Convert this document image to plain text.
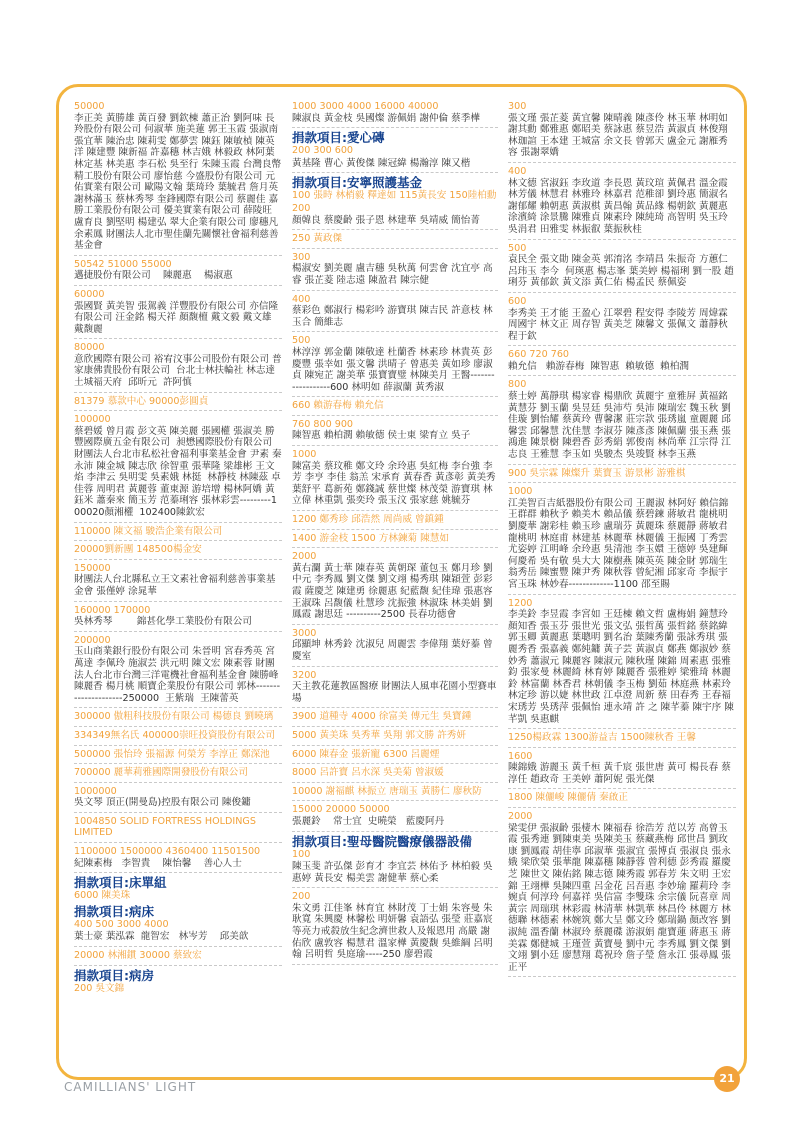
50000
李正美 黃勝雄 黃百發 劉欽棟 蕭正治 劉阿味 長羚股份有限公司 何淑華 施美蓮 郭王玉霞 張淑南 張宜華 陳治忠 陳莉雯 鄭夢雲 陳鈺 陳敏楨 陳英洋 陳建豐 陳新福 許嘉穗 林吉娥 林毅政 林阿葉 林定基 林美惠 李石松 吳至行 朱陳玉霞 台灣良幣精工股份有限公司 廖怡慈 今盛股份有限公司 元佑實業有限公司 歐陽文翰 葉琦玲 葉毓君 詹月英 謝林滿玉 蔡林秀琴 奎鋒國際有限公司 蔡麗佳 嘉勝工業股份有限公司 優美實業有限公司 薛陵旺 盧育良 劉堅明 楊建弘 翠大企業有限公司 廖穗凡 余素鳳 財團法人北市聖佳蘭先關懷社會福利慈善基金會
50542 51000 55000
邁捷股份有限公司    陳麗惠    楊淑惠
60000
張國賢 黃美智 張駕義 洋豐股份有限公司 亦信隆有限公司 汪金銘 楊天祥 顏馥檀 戴文毅 戴文雄 戴馥麗
80000
意欣國際有限公司 裕宥汶事公司股份有限公司 普家康佛貴股份有限公司  台北士林扶輪社 林志達  土城福天府  邱昕元  許阿慎
81379 慕款中心 90000彭圓貞
100000
蔡碧媛 曾月霞 彭文英 陳美麗 張國權 張淑美 勝豐國際廣五金有限公司  昶懋國際股份有限公司 財團法人台北市私松社會福利事業基金會 尹素 秦永沛 陳金城 陳志欣 徐智重 張華隆 梁雄彬 王文焰 李津云 吳明雯 吳素娥 林挺  林靜枝 林陳茲 卓佳蓉 周明君 黃麗蓉 董東源 游培增 楊林阿嬌 黃鈺米 蕭秦來 簡玉芳 范蓁琍容 張林彩雲---------100020顏湘權  102400陳欽宏
110000 陳文福 駿浩企業有限公司
20000劉新團 148500楊金安
150000
財團法人台北縣私立王文素社會福利慈善事業基金會 張僅婷 涂晁華
160000 170000
吳林秀琴        錦甚化學工業股份有限公司
200000
玉山商業銀行股份有限公司 朱晉明 宮春秀英 宮萬達 李佩玲 施淑芸 洪元明 陳文宏 陳素蓉 財團法人台北市台灣三洋電機社會福利基金會 陳勝峰 陳麗香 楊月桃 順寶企業股份有限公司 郭林---------------------250000  王紫瑞  王陳蕾英
300000 傲粗科技股份有限公司 楊德良 劉曉璃
334349無名氏 400000崇旺投資股份有限公司
500000 張怡玲 張福源 何榮芳 李淳正 鄭深池
700000 麗華莉雅國際開發股份有限公司
1000000
吳文琴 頂正(開曼島)控股有限公司 陳俊鏞
1004850 SOLID FORTRESS HOLDINGS LIMITED
1100000 1500000 4360400 11501500
紀陳素梅   李智貴    陳怡馨    善心人士
捐款項目:床單組
6000 陳美珠
捐款項目:病床
400 500 3000 4000
葉士豪 葉泓霖  龍智宏   林岑芳    邱美歆
20000 林湘鏆 30000 蔡致宏
捐款項目:病房
200 吳文錦
1000 3000 4000 16000 40000
陳淑良 黃金枝 吳國燦 游佩娟 謝仲倫 蔡季樺
捐款項目:愛心磚
200 300 600
黃基隆 曹心 黃俊傑 陳冠緯 楊瀚淳 陳又楷
捐款項目:安寧照護基金
100 張時 林梢毅 釋達如 115黃長安 150陸柏勳
200
顏韓良 蔡慶齡 張子恩 林建華 吳靖威 簡怡菁
250 黃政傑
300
楊淑安 劉美麗 盧吉穗 吳秋萬 何雲會 沈宜亭 高睿 張芷菱 陸志遠 陳盈君 陳宗健
400
蔡彩色 鄭淑行 楊彩吟 游寶琪 陳吉民 許意枝 林玉合 簡維志
500
林淳淳 郭金蘭 陳敬達 杜蘭香 林素珍 林貴英 彭慶豐 張幸如 張文馨 洪晴子 曾惠美 黃如珍 廖淑貞 陳宛芷 謝美華 張寶寶璧 林陳美月 王醫------------------600 林明如 薛淑蘭 黃秀淑
660 賴游春梅 賴允信
760 800 900
陳智惠 賴柏潤 賴敏德 侯士東 梁育立 吳子
1000
陳富美 蔡玟稚 鄭文玲 余玲惠 吳紅梅 李台強 李芳 李亨 李佳 翁羔 宋承育 黃春香 黃彥彰 黃美秀 葉舒平 葛新苑 鄭錢誠 蔡世燦 林茂榮 游寶琪 林立偉 林重凱 張奕玲 張玉汶 張家慈 姚毓芬
1200 鄭秀珍 邱浩然 周尚威 曾鎮鍾
1400 游金枝 1500 方林鍊菊 陳慧如
2000
黃右瀾 黃士華 陳春英 黃朝琛 董包玉 鄭月珍 劉中元 李秀鳳 劉文傑 劉文翊 楊秀琪 陳穎萱 彭彩霞 薩慶芝 陳建勇 徐麗惠 紀藍馥 紀佳瑋 張惠容 王淑珠 呂馥儀 杜慧珍 沈振強 林淑珠 林美娟 劉鳳霞 謝思廷 ----------2500 長春功德會
3000
邱顯坤 林秀鈴 沈淑兒 周麗雲 李偉翔 葉妤蓁 曾慶室
3200
天主教花蓮教區醫療 財團法人風車花園小型賽車場
3900 道種寺 4000 徐富美 傅元生 吳寶鍾
5000 黃美珠 吳秀華 吳翔 郭文勝 許秀妍
6000 陳春金 張新寵 6300 呂麗煙
8000 呂許寶 呂水深 吳美菊 曾淑媛
10000 謝福麒 林振立 唐瑞玉 黃勝仁 廖秋防
15000 20000 50000
張麗鈴    常士宜  史曉榮   藍慶阿丹
捐款項目:聖母醫院醫療儀器設備
100
陳玉斐 許弘傑 彭育才 李宜芸 林佑予 林柏毅 吳惠婷 黃長安 楊美雲 謝健華 蔡心柔
200
朱文勇 江佳峯 林育宜 林財茂 丁士娟 朱容曼 朱耿寬 朱興慶 林馨松 明妍馨 袁語弘 張瑩 莊嘉宸等亮力戒殺放生紀念濟世救人及報恩用 高嚴 謝佑欣 盧敦容 楊慧君 溫家樺 黃慶馥 吳維綱 呂明翰 呂明哲 吳庭瑜-----250 廖碧霞
300
張文瑾 張芷菱 黃宜馨 陳晴義 陳彥伶 林玉華 林明如 謝其勳 鄭雅惠 鄭昭美 蔡詠惠 蔡昱浩 黃淑貞 林俊翔 林珈諠 王本建 王城富 余文長 曾郭天 盧金元 謝雁秀容 張謝翠嬌
400
林文德 宮淑鈺 李玫道 李長恩 黃玟瑄 黃佩君 溫金霞 林芳儀 林慧君 林雅玲 林嘉君 范稚卻 劉玲惠 簡淑名 謝郁耀 賴朝惠 黃淑棋 黃昌翰 黃品緣 楊朝欽 黃麗惠 涂濱綺 涂景騰 陳雅貞 陳素玲 陳純琦 高智明 吳玉玲 吳涓君 田雅雯 林振叡 葉振秋桂
500
袁民全 張文勛 陳金英 郭淯洺 李靖昌 朱振奇 方蕙仁 呂玮玉 李今  何瑛惠 楊志峯 葉美婷 楊福琍 劉一股 趙琍芬 黃郁欽 黃文添 黃仁佑 楊孟民 蔡佩姿
600
李秀美 王才能 王盈心 江翠碧 程安得 李陵芳 周煒霖 周國宇 林文正 周存智 黃美芝 陳馨文 張佩文 蕭靜秋 程于欽
660 720 760
賴允信   賴游春梅  陳智惠  賴敏德  賴柏潤
800
蔡士婷 萬靜琪 楊家睿 楊鼎欣 黃麗宇 童雅屏 黃福銘 黃慧芬 劉玉蘭 吳昱廷 吳沛芍 吳沛 陳瑞宏 魏玉秋 劉佳璇 劉怡耀 蔡黃玲 曹馨潔 莊宗款 張琇嵐 童麗麗 邱馨雲 邱馨慧 沈佳慧 李淑芬 陳彥彥 陳佩蘭 張玉燕 張鴻進 陳景樹 陳碧香 彭秀絹 郭俊南 林尚華 江宗得 江志良 王雅慧 李玉如 吳駿杰 吳竣賢 林李玉燕
900 吳宗霖 陳燦升 葉寶玉 游景彬 游雅棋
1000
江美智百吉紙器股份有限公司 王麗淑 林阿好 賴信錦 王群群 賴秋予 賴美木 賴品儀 蔡碧鍊 蔣敏君 龍桃明 劉慶華 謝彩桂 賴玉珍 盧瑞芬 黃麗珠 蔡麗靜 蔣敏君 龍桃明 林庭甫 林建基 林麗華 林麗儀 王振國 丁秀雲 尤姿婷 江明峰 余玲惠 吳清池 李玉嬛 王德婷 吳建輝 何慶希 吳有敬 吳大大 陳樹燕 陳英英 陳金財 郭瑞生 翁秀岳 陳蜜豐 陳尹秀 陳秋蓉 曾紀湘 邱家奇 李振宇 宮玉珠 林妙春-------------1100 邵至賜
1200
李美鈴 李昱霞 李宮如 王廷棟 賴文哲 盧梅娟 鐘慧玲 顏知香 張玉芬 張世光 張文弘 張哲萬 張哲銘 蔡銘緯 郭玉卿 黃麗惠 葉聰明 劉名治 葉陳秀蘭 張詠秀琪 張麗秀香 張嘉義 鄭純鏞 黃子芸 黃淑貞 鄭燕 鄭淑妙 蔡妙秀 蕭淑元 陳麗容 陳淑元 陳秋瑾 陳錦 周素惠 張雅鈞 張家曼 林麗綺 林育婷 陳麗香 張雅婷 梁雅琦 林麗鈴 林富蘭 林香君 林朝儀 李玉梅 劉茹 林庭燕 林素玲 林定珍 游以婕 林世政 江卓澄 周新 蔡 田春秀 王春福 宋琇芳 吳琇萍 張佩怡 連永靖 許 之 陳芊蓁 陳宇序 陳芊凱 吳惠麒
1250楊政霖 1300游益吉 1500陳秋香 王馨
1600
陳錦娥 游麗玉 黃千桓 黃千宸 張世唐 黃可 楊長春 蔡淳任 趙政奇 王美婷 蕭阿妮 張光傑
1800 陳儷峻 陳儷倩 秦啟正
2000
梁雯伊 張淑齡 張棲木 陳福春 徐浩芳 范以芳 高曾玉霞 張秀連 劉陳東美 吳陳美玉 蔡藏燕梅 邱世昌 劉玫康 劉鳳霞 胡佳寧 邱淑華 張淑宜 張博貞 張淑良 張永娥 梁欣榮 張華龍 陳嘉穗 陳靜蓉 曾利德 彭秀霞 羅慶芝 陳世文 陳佑銘 陳志德 陳秀霞 郭春芳 朱文明 王宏錦 王翊樺 吳陳四重 呂金花 呂吾惠 李妙瑜 羅莉玲 李婉貞 何淳玲 何嘉祥 吳信富 李雙珠 余宗儀 阮喜章 周黃宗 周瑞琪 林彩霞 林清華 林凱華 林昌伶 林麗方 林德聯 林德素 林婉筑 鄭大呈 鄭文玲 鄭瑞鍋 顏改容 劉淑純 溫香蘭 林淑玲 蔡麗碟 游淑娟 龍寶蓮 蔣惠玉 蔣美霖 鄭健城 王瑾萱 黃寶曼 劉中元 李秀鳳 劉文傑 劉文翊 劉小廷 廖慧翔 葛祝玲 詹子瑩 詹永江 張尋鳳 張正平
CAMILLIANS' LIGHT
21
